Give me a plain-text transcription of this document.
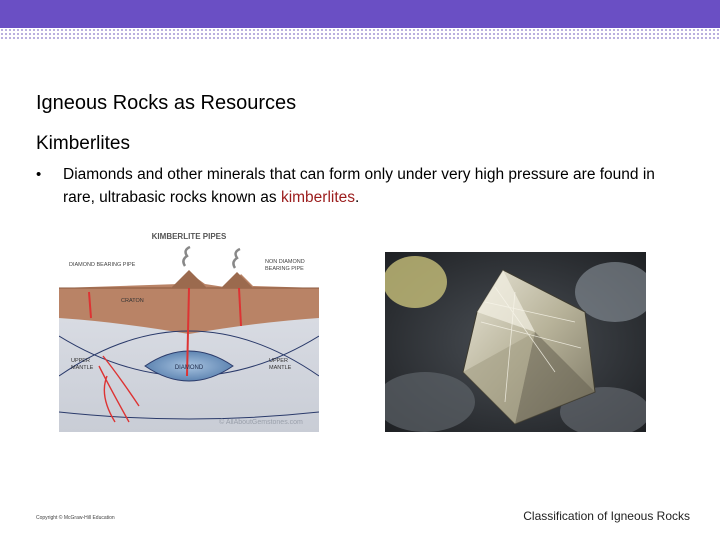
Igneous Rocks as Resources
Kimberlites
• Diamonds and other minerals that can form only under very high pressure are found in rare, ultrabasic rocks known as kimberlites.
KIMBERLITE PIPES
DIAMOND BEARING PIPE	NON DIAMOND
BEARING PIPE
CRATON
UPPER
MANTLE
UPPER
MANTLE
DIAMOND
© AllAboutGemstones.com
Copyright © McGraw-Hill Education	Classification of Igneous Rocks
